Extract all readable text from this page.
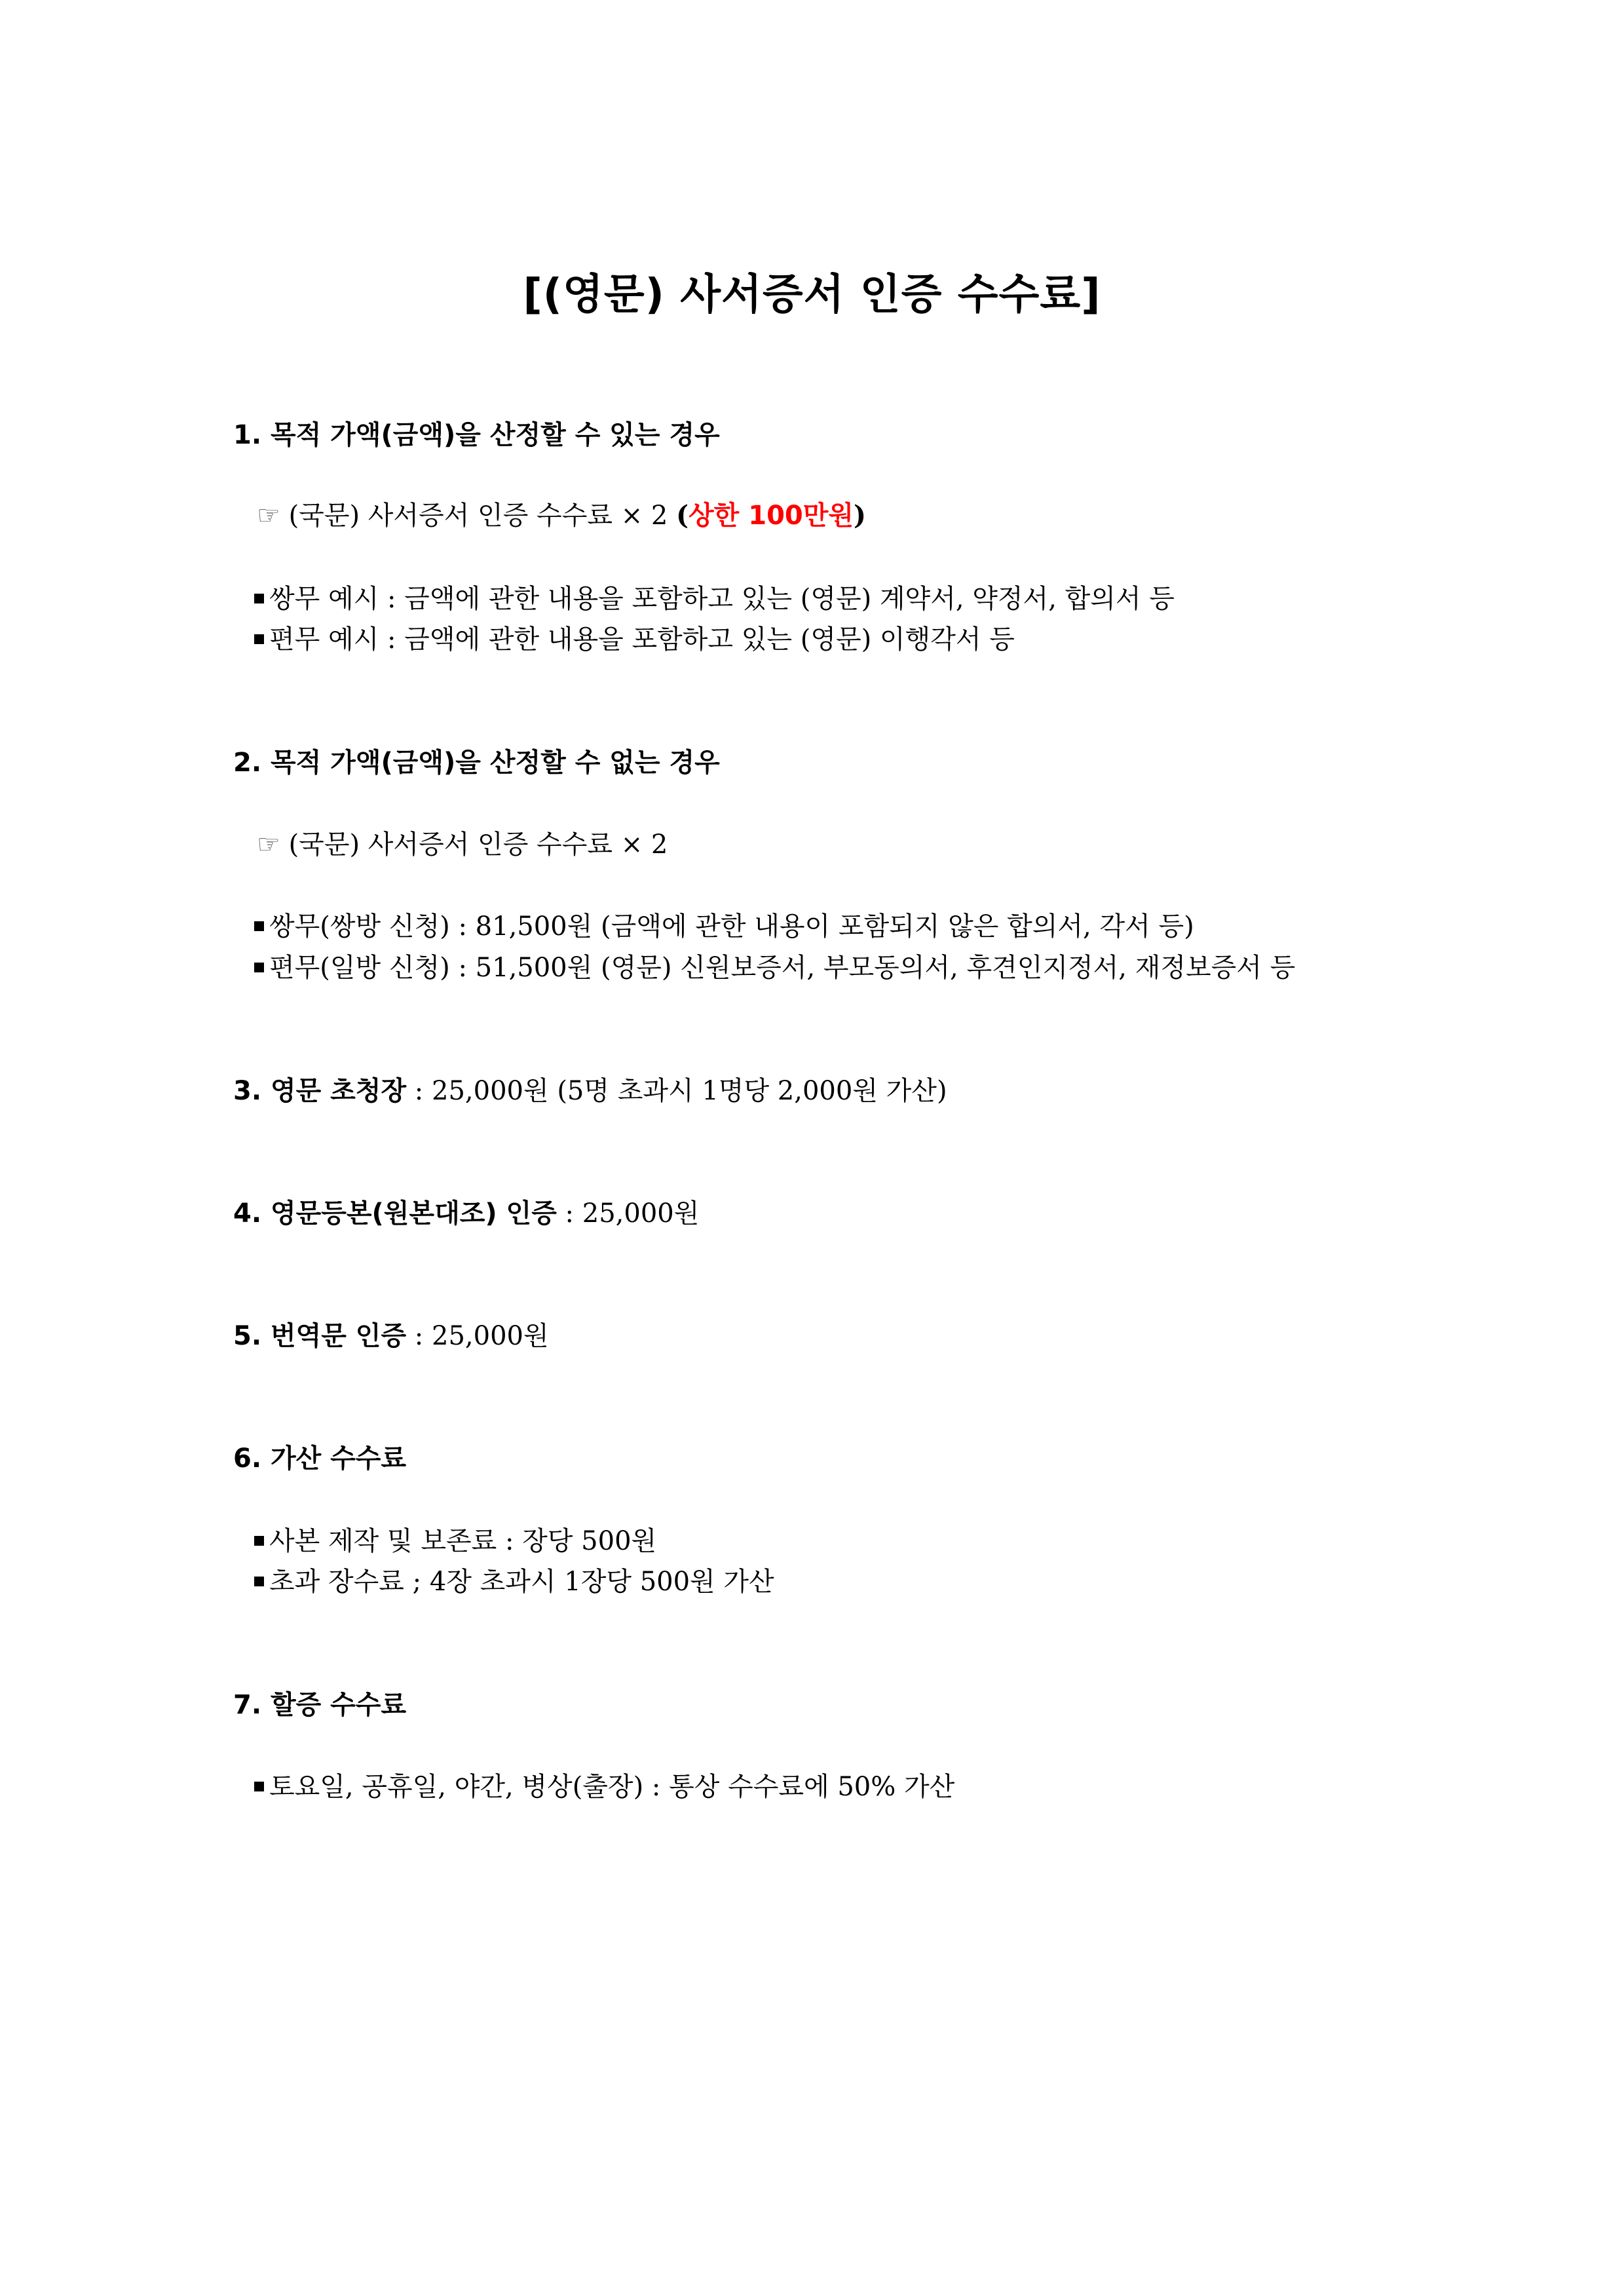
[(영문) 사서증서 인증 수수료]
1. 목적 가액(금액)을 산정할 수 있는 경우
☞ (국문) 사서증서 인증 수수료 × 2 (상한 100만원)
쌍무 예시 : 금액에 관한 내용을 포함하고 있는 (영문) 계약서, 약정서, 합의서 등
편무 예시 : 금액에 관한 내용을 포함하고 있는 (영문) 이행각서 등
2. 목적 가액(금액)을 산정할 수 없는 경우
☞ (국문) 사서증서 인증 수수료 × 2
쌍무(쌍방 신청) : 81,500원 (금액에 관한 내용이 포함되지 않은 합의서, 각서 등)
편무(일방 신청) : 51,500원 (영문) 신원보증서, 부모동의서, 후견인지정서, 재정보증서 등
3. 영문 초청장 : 25,000원 (5명 초과시 1명당 2,000원 가산)
4. 영문등본(원본대조) 인증 : 25,000원
5. 번역문 인증 : 25,000원
6. 가산 수수료
사본 제작 및 보존료 : 장당 500원
초과 장수료 ; 4장 초과시 1장당 500원 가산
7. 할증 수수료
토요일, 공휴일, 야간, 병상(출장) : 통상 수수료에 50% 가산
